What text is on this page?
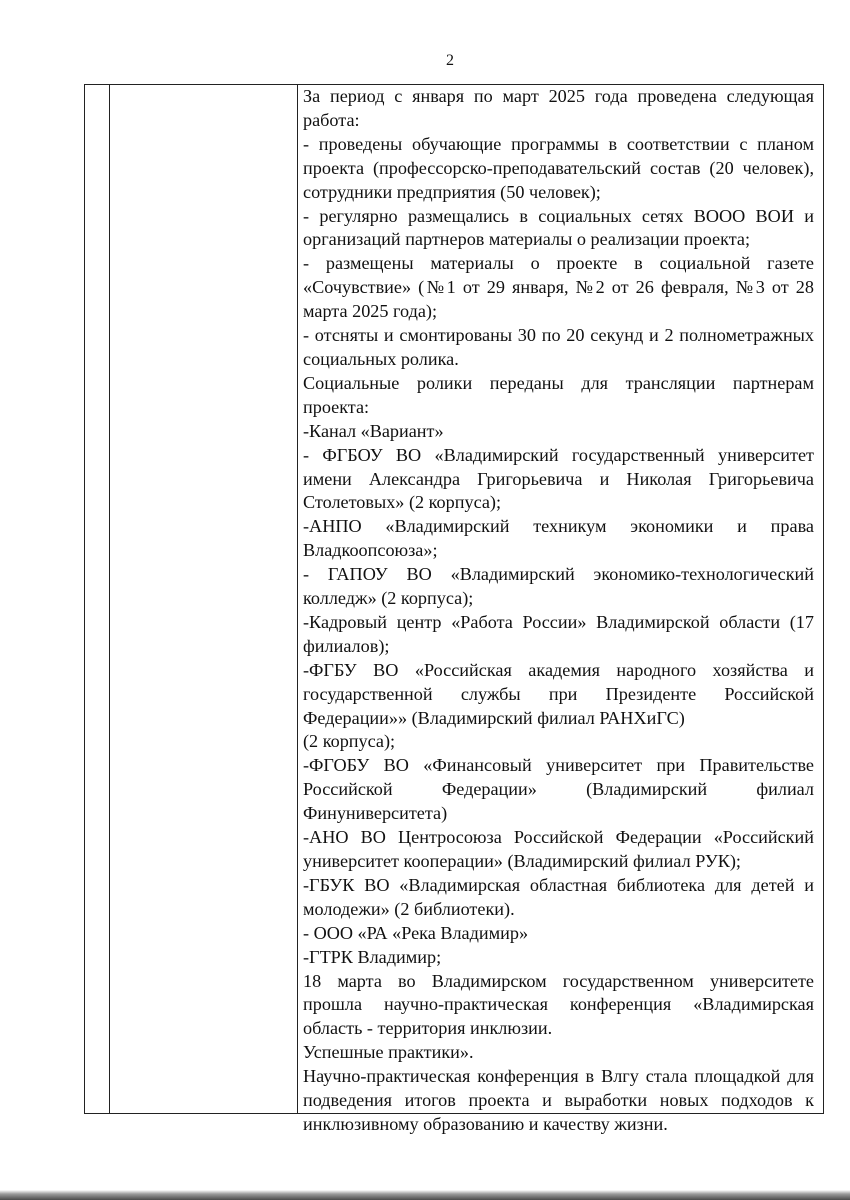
2

За период с января по март 2025 года проведена следующая работа:

- проведены обучающие программы в соответствии с планом проекта (профессорско-преподавательский состав (20 человек), сотрудники предприятия (50 человек);

- регулярно размещались в социальных сетях ВООО ВОИ и организаций партнеров материалы о реализации проекта;

- размещены материалы о проекте в социальной газете «Сочувствие» (№1 от 29 января, №2 от 26 февраля, №3 от 28 марта 2025 года);

- отсняты и смонтированы 30 по 20 секунд и 2 полнометражных социальных ролика.

Социальные ролики переданы для трансляции партнерам проекта:

-Канал «Вариант»

- ФГБОУ ВО «Владимирский государственный университет имени Александра Григорьевича и Николая Григорьевича Столетовых» (2 корпуса);

-АНПО «Владимирский техникум экономики и права Владкоопсоюза»;

- ГАПОУ ВО «Владимирский экономико-технологический колледж» (2 корпуса);

-Кадровый центр «Работа России» Владимирской области (17 филиалов);

-ФГБУ ВО «Российская академия народного хозяйства и государственной службы при Президенте Российской Федерации»» (Владимирский филиал РАНХиГС)

(2 корпуса);

-ФГОБУ ВО «Финансовый университет при Правительстве Российской Федерации» (Владимирский филиал Финуниверситета)

-АНО ВО Центросоюза Российской Федерации «Российский университет кооперации» (Владимирский филиал РУК);

-ГБУК ВО «Владимирская областная библиотека для детей и молодежи» (2 библиотеки).

- ООО «РА «Река Владимир»

-ГТРК Владимир;

18 марта во Владимирском государственном университете прошла научно-практическая конференция «Владимирская область - территория инклюзии.

Успешные практики».

Научно-практическая конференция в Влгу стала площадкой для подведения итогов проекта и выработки новых подходов к инклюзивному образованию и качеству жизни.
